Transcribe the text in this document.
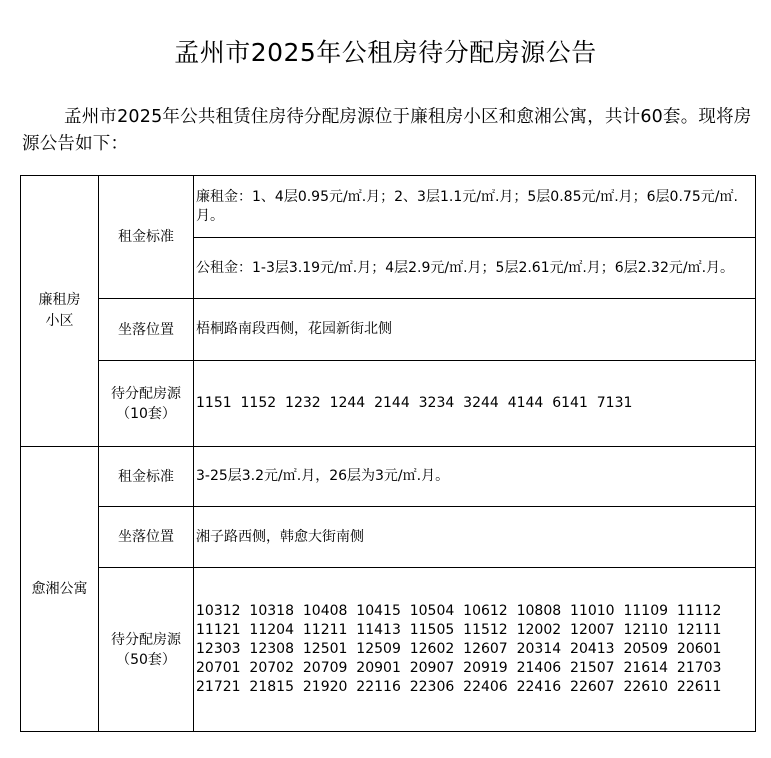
孟州市2025年公租房待分配房源公告
孟州市2025年公共租赁住房待分配房源位于廉租房小区和愈湘公寓，共计60套。现将房源公告如下：
廉租房
小区	租金标准	廉租金：1、4层0.95元/㎡.月；2、3层1.1元/㎡.月；5层0.85元/㎡.月；6层0.75元/㎡.月。

		公租金：1-3层3.19元/㎡.月；4层2.9元/㎡.月；5层2.61元/㎡.月；6层2.32元/㎡.月。

	坐落位置	梧桐路南段西侧，花园新街北侧
	待分配房源
（10套）	1151  1152  1232  1244  2144  3234  3244  4144  6141  7131
愈湘公寓	租金标准	3-25层3.2元/㎡.月，26层为3元/㎡.月。
	坐落位置	湘子路西侧，韩愈大街南侧
	待分配房源
（50套）	10312  10318  10408  10415  10504  10612  10808  11010  11109  11112
11121  11204  11211  11413  11505  11512  12002  12007  12110  12111
12303  12308  12501  12509  12602  12607  20314  20413  20509  20601
20701  20702  20709  20901  20907  20919  21406  21507  21614  21703
21721  21815  21920  22116  22306  22406  22416  22607  22610  22611
